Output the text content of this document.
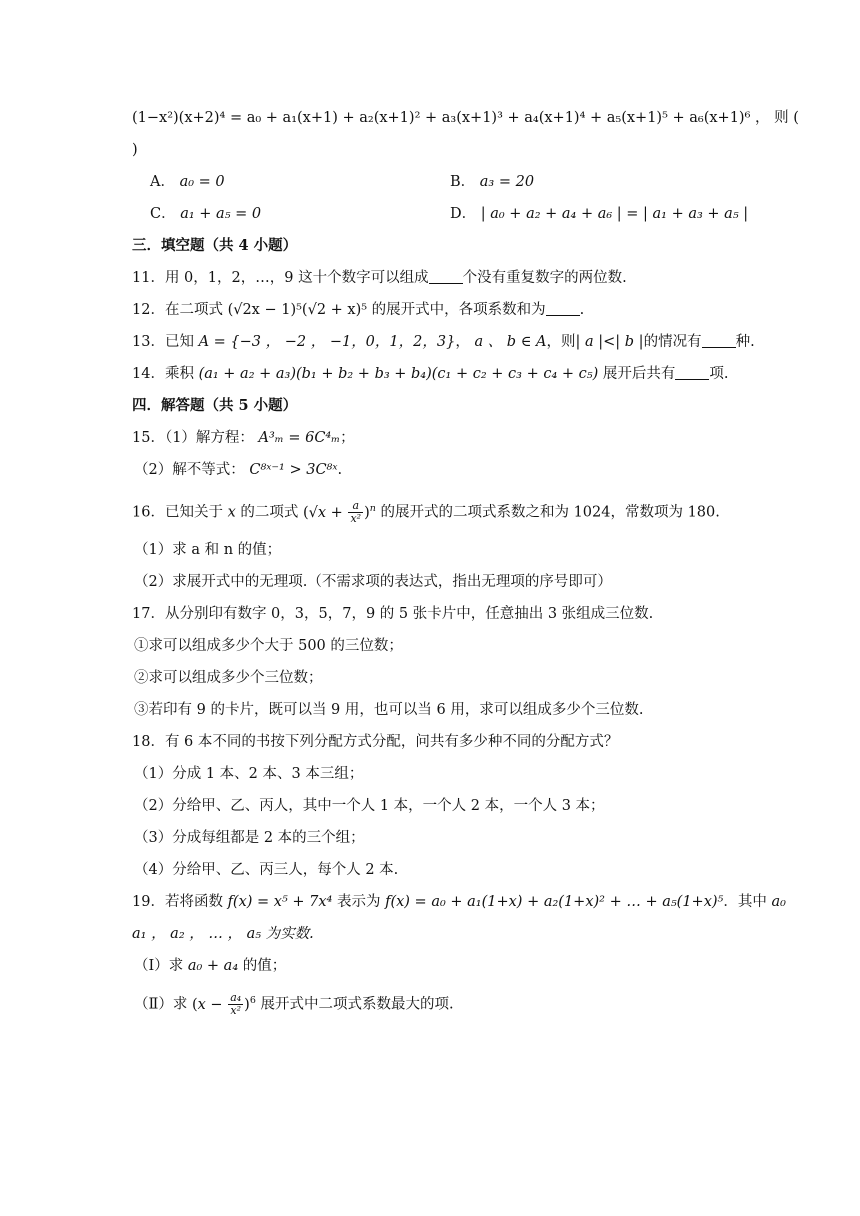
(1−x²)(x+2)⁴ = a₀ + a₁(x+1) + a₂(x+1)² + a₃(x+1)³ + a₄(x+1)⁴ + a₅(x+1)⁵ + a₆(x+1)⁶ ， 则 (
)
A． a₀ = 0	B． a₃ = 20
C． a₁ + a₅ = 0	D． | a₀ + a₂ + a₄ + a₆ | = | a₁ + a₃ + a₅ |
三．填空题（共 4 小题）
11．用 0，1，2，…，9 这十个数字可以组成 个没有重复数字的两位数.
12．在二项式 (√2x − 1)⁵(√2 + x)⁵ 的展开式中，各项系数和为 .
13．已知 A = {−3 ， −2 ， −1，0，1，2，3}， a 、 b ∈ A，则| a |<| b |的情况有 种.
14．乘积 (a₁ + a₂ + a₃)(b₁ + b₂ + b₃ + b₄)(c₁ + c₂ + c₃ + c₄ + c₅) 展开后共有 项.
四．解答题（共 5 小题）
15．（1）解方程： A³ₘ = 6C⁴ₘ；
（2）解不等式： C⁸ˣ⁻¹ > 3C⁸ˣ.
16．已知关于 x 的二项式 $(√x + \frac{a}{\text{x²}} )^n$ 的展开式的二项式系数之和为 1024，常数项为 180.
（1）求 a 和 n 的值；
（2）求展开式中的无理项.（不需求项的表达式，指出无理项的序号即可）
17．从分别印有数字 0，3，5，7，9 的 5 张卡片中，任意抽出 3 张组成三位数.
①求可以组成多少个大于 500 的三位数；
②求可以组成多少个三位数；
③若印有 9 的卡片，既可以当 9 用，也可以当 6 用，求可以组成多少个三位数.
18．有 6 本不同的书按下列分配方式分配，问共有多少种不同的分配方式？
（1）分成 1 本、2 本、3 本三组；
（2）分给甲、乙、丙人，其中一个人 1 本，一个人 2 本，一个人 3 本；
（3）分成每组都是 2 本的三个组；
（4）分给甲、乙、丙三人，每个人 2 本.
19．若将函数 f(x) = x⁵ + 7x⁴ 表示为 f(x) = a₀ + a₁(1+x) + a₂(1+x)² + … + a₅(1+x)⁵．其中 a₀
a₁ ， a₂ ， … ， a₅ 为实数.
（Ⅰ）求 a₀ + a₄ 的值；
（Ⅱ）求 $(x - \frac{\text{a₄}}{\text{x²}} )^6$ 展开式中二项式系数最大的项.
